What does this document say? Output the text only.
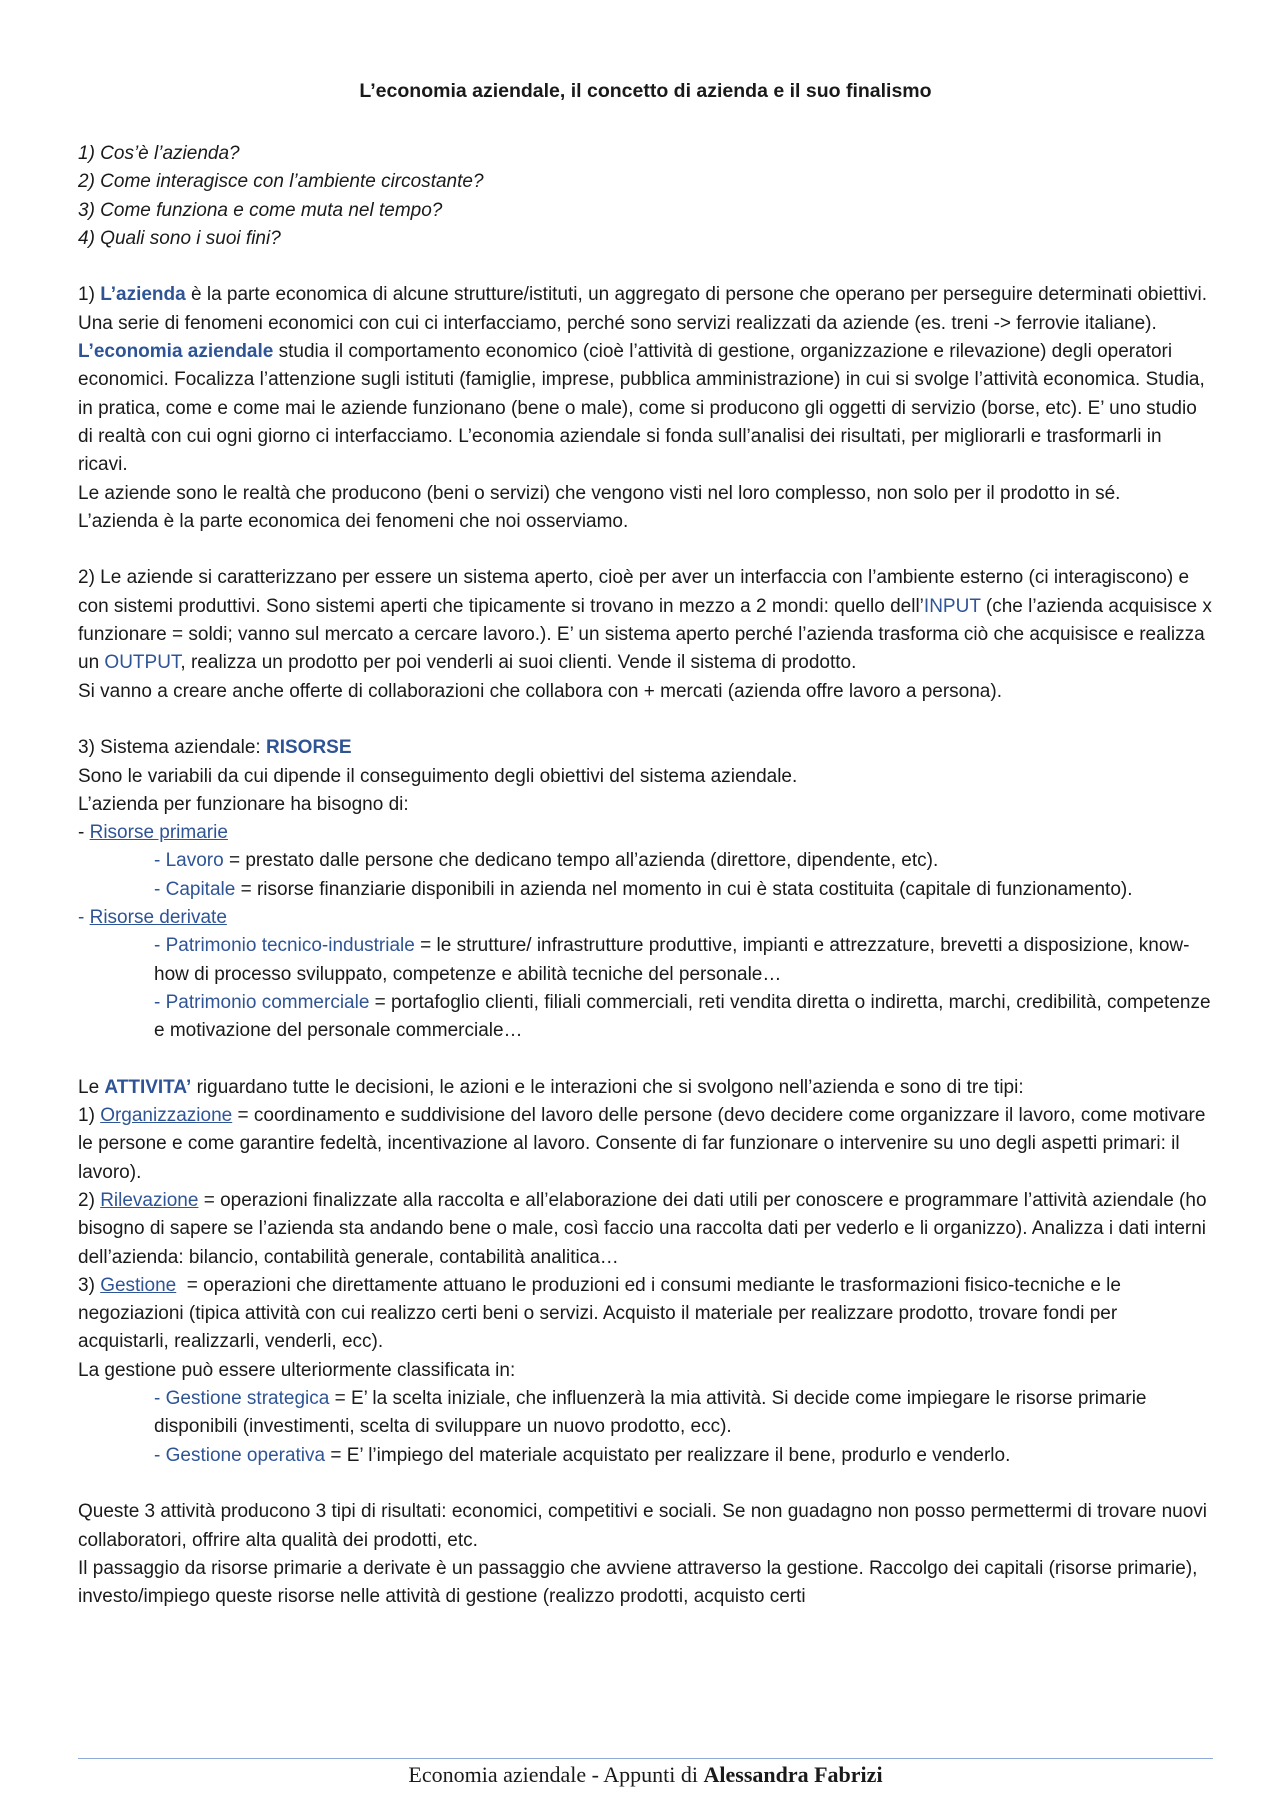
L’economia aziendale, il concetto di azienda e il suo finalismo
1) Cos’è l’azienda?
2) Come interagisce con l’ambiente circostante?
3) Come funziona e come muta nel tempo?
4) Quali sono i suoi fini?
1) L’azienda è la parte economica di alcune strutture/istituti, un aggregato di persone che operano per perseguire determinati obiettivi. Una serie di fenomeni economici con cui ci interfacciamo, perché sono servizi realizzati da aziende (es. treni -> ferrovie italiane).
L’economia aziendale studia il comportamento economico (cioè l’attività di gestione, organizzazione e rilevazione) degli operatori economici. Focalizza l’attenzione sugli istituti (famiglie, imprese, pubblica amministrazione) in cui si svolge l’attività economica. Studia, in pratica, come e come mai le aziende funzionano (bene o male), come si producono gli oggetti di servizio (borse, etc). E’ uno studio di realtà con cui ogni giorno ci interfacciamo. L’economia aziendale si fonda sull’analisi dei risultati, per migliorarli e trasformarli in ricavi.
Le aziende sono le realtà che producono (beni o servizi) che vengono visti nel loro complesso, non solo per il prodotto in sé.
L’azienda è la parte economica dei fenomeni che noi osserviamo.
2) Le aziende si caratterizzano per essere un sistema aperto, cioè per aver un interfaccia con l’ambiente esterno (ci interagiscono) e con sistemi produttivi. Sono sistemi aperti che tipicamente si trovano in mezzo a 2 mondi: quello dell’INPUT (che l’azienda acquisisce x funzionare = soldi; vanno sul mercato a cercare lavoro.). E’ un sistema aperto perché l’azienda trasforma ciò che acquisisce e realizza un OUTPUT, realizza un prodotto per poi venderli ai suoi clienti. Vende il sistema di prodotto.
Si vanno a creare anche offerte di collaborazioni che collabora con + mercati (azienda offre lavoro a persona).
3) Sistema aziendale: RISORSE
Sono le variabili da cui dipende il conseguimento degli obiettivi del sistema aziendale.
L’azienda per funzionare ha bisogno di:
- Risorse primarie
- Lavoro = prestato dalle persone che dedicano tempo all’azienda (direttore, dipendente, etc).
- Capitale = risorse finanziarie disponibili in azienda nel momento in cui è stata costituita (capitale di funzionamento).
- Risorse derivate
- Patrimonio tecnico-industriale = le strutture/ infrastrutture produttive, impianti e attrezzature, brevetti a disposizione, know-how di processo sviluppato, competenze e abilità tecniche del personale…
- Patrimonio commerciale = portafoglio clienti, filiali commerciali, reti vendita diretta o indiretta, marchi, credibilità, competenze e motivazione del personale commerciale…
Le ATTIVITA’ riguardano tutte le decisioni, le azioni e le interazioni che si svolgono nell’azienda e sono di tre tipi:
1) Organizzazione = coordinamento e suddivisione del lavoro delle persone (devo decidere come organizzare il lavoro, come motivare le persone e come garantire fedeltà, incentivazione al lavoro. Consente di far funzionare o intervenire su uno degli aspetti primari: il lavoro).
2) Rilevazione = operazioni finalizzate alla raccolta e all’elaborazione dei dati utili per conoscere e programmare l’attività aziendale (ho bisogno di sapere se l’azienda sta andando bene o male, così faccio una raccolta dati per vederlo e li organizzo). Analizza i dati interni dell’azienda: bilancio, contabilità generale, contabilità analitica…
3) Gestione  = operazioni che direttamente attuano le produzioni ed i consumi mediante le trasformazioni fisico-tecniche e le negoziazioni (tipica attività con cui realizzo certi beni o servizi. Acquisto il materiale per realizzare prodotto, trovare fondi per acquistarli, realizzarli, venderli, ecc).
La gestione può essere ulteriormente classificata in:
- Gestione strategica = E’ la scelta iniziale, che influenzerà la mia attività. Si decide come impiegare le risorse primarie disponibili (investimenti, scelta di sviluppare un nuovo prodotto, ecc).
- Gestione operativa = E’ l’impiego del materiale acquistato per realizzare il bene, produrlo e venderlo.
Queste 3 attività producono 3 tipi di risultati: economici, competitivi e sociali. Se non guadagno non posso permettermi di trovare nuovi collaboratori, offrire alta qualità dei prodotti, etc.
Il passaggio da risorse primarie a derivate è un passaggio che avviene attraverso la gestione. Raccolgo dei capitali (risorse primarie), investo/impiego queste risorse nelle attività di gestione (realizzo prodotti, acquisto certi
Economia aziendale - Appunti di Alessandra Fabrizi
